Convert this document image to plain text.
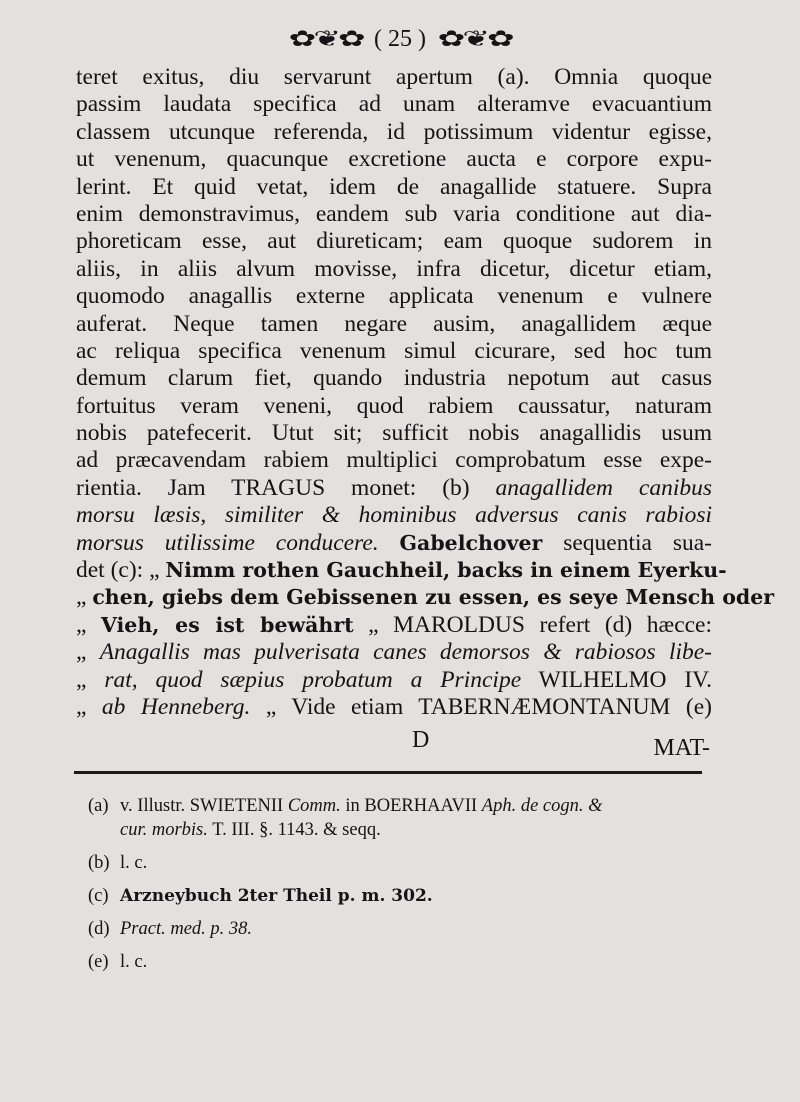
✿❦✿ ( 25 ) ✿❦✿
teret exitus, diu servarunt apertum (a). Omnia quoque
passim laudata specifica ad unam alteramve evacuantium
classem utcunque referenda, id potissimum videntur egisse,
ut venenum, quacunque excretione aucta e corpore expu-
lerint. Et quid vetat, idem de anagallide statuere. Supra
enim demonstravimus, eandem sub varia conditione aut dia-
phoreticam esse, aut diureticam; eam quoque sudorem in
aliis, in aliis alvum movisse, infra dicetur, dicetur etiam,
quomodo anagallis externe applicata venenum e vulnere
auferat. Neque tamen negare ausim, anagallidem æque
ac reliqua specifica venenum simul cicurare, sed hoc tum
demum clarum fiet, quando industria nepotum aut casus
fortuitus veram veneni, quod rabiem caussatur, naturam
nobis patefecerit. Utut sit; sufficit nobis anagallidis usum
ad præcavendam rabiem multiplici comprobatum esse expe-
rientia. Jam TRAGUS monet: (b) anagallidem canibus
morsu læsis, similiter & hominibus adversus canis rabiosi
morsus utilissime conducere. Gabelchover sequentia sua-
det (c): „ Nimm rothen Gauchheil, backs in einem Eyerku-
„ chen, giebs dem Gebissenen zu essen, es seye Mensch oder
„ Vieh, es ist bewährt „ MAROLDUS refert (d) hæcce:
„ Anagallis mas pulverisata canes demorsos & rabiosos libe-
„ rat, quod sæpius probatum a Principe WILHELMO IV.
„ ab Henneberg. „ Vide etiam TABERNÆMONTANUM (e)
D	MAT-
(a) v. Illustr. SWIETENII Comm. in BOERHAAVII Aph. de cogn. &
cur. morbis. T. III. §. 1143. & seqq.
(b) l. c.
(c) Arznеybuch 2ter Theil p. m. 302.
(d) Pract. med. p. 38.
(e) l. c.
